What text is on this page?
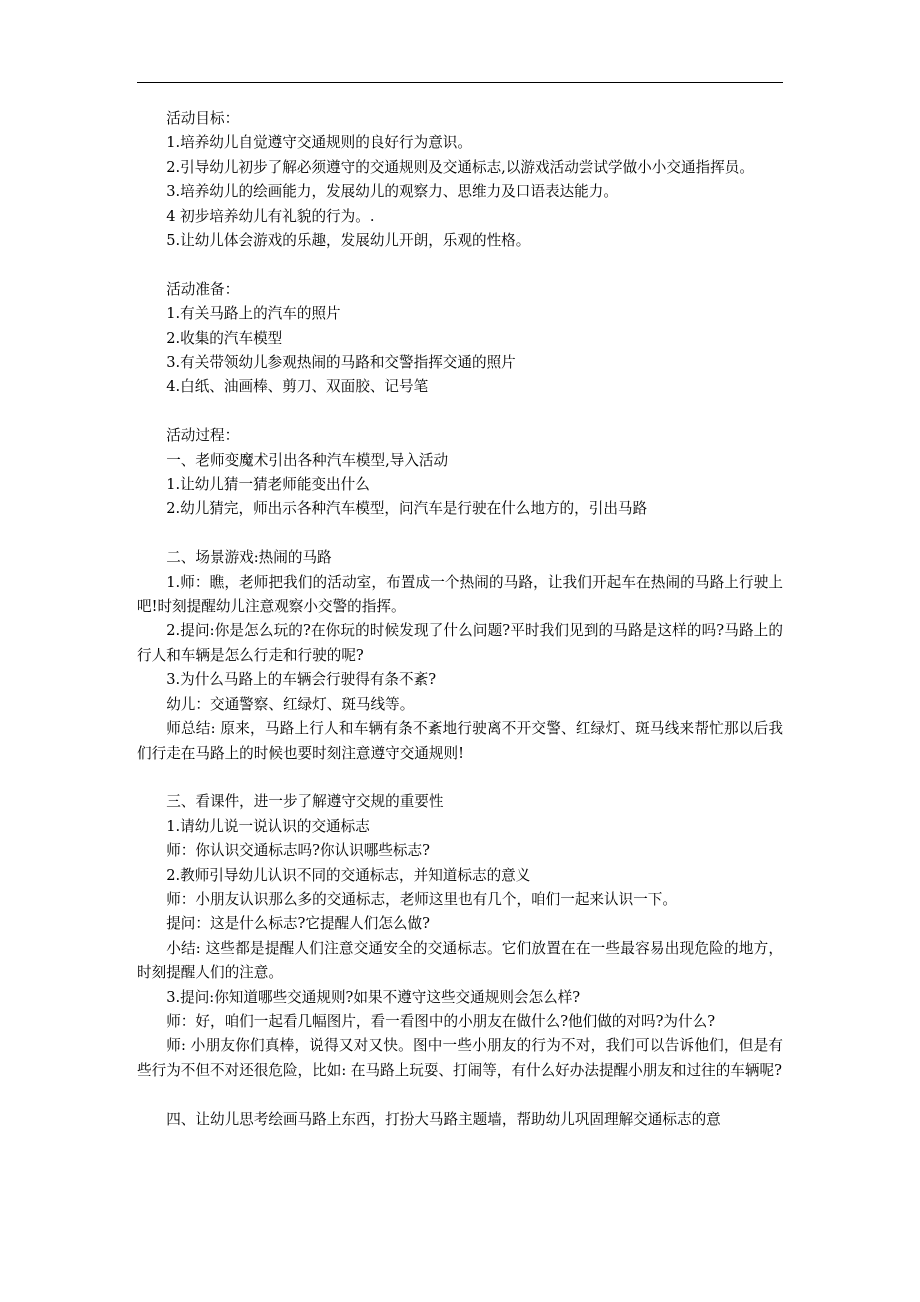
活动目标：

1.培养幼儿自觉遵守交通规则的良好行为意识。

2.引导幼儿初步了解必须遵守的交通规则及交通标志,以游戏活动尝试学做小小交通指挥员。

3.培养幼儿的绘画能力，发展幼儿的观察力、思维力及口语表达能力。

4 初步培养幼儿有礼貌的行为。.

5.让幼儿体会游戏的乐趣，发展幼儿开朗，乐观的性格。

活动准备：

1.有关马路上的汽车的照片

2.收集的汽车模型

3.有关带领幼儿参观热闹的马路和交警指挥交通的照片

4.白纸、油画棒、剪刀、双面胶、记号笔

活动过程：

一、老师变魔术引出各种汽车模型,导入活动

1.让幼儿猜一猜老师能变出什么

2.幼儿猜完，师出示各种汽车模型，问汽车是行驶在什么地方的，引出马路

二、场景游戏:热闹的马路

1.师：瞧，老师把我们的活动室，布置成一个热闹的马路，让我们开起车在热闹的马路上行驶上吧!时刻提醒幼儿注意观察小交警的指挥。

2.提问:你是怎么玩的?在你玩的时候发现了什么问题?平时我们见到的马路是这样的吗?马路上的行人和车辆是怎么行走和行驶的呢?

3.为什么马路上的车辆会行驶得有条不紊?

幼儿：交通警察、红绿灯、斑马线等。

师总结: 原来，马路上行人和车辆有条不紊地行驶离不开交警、红绿灯、斑马线来帮忙那以后我们行走在马路上的时候也要时刻注意遵守交通规则!

三、看课件，进一步了解遵守交规的重要性

1.请幼儿说一说认识的交通标志

师：你认识交通标志吗?你认识哪些标志?

2.教师引导幼儿认识不同的交通标志，并知道标志的意义

师：小朋友认识那么多的交通标志，老师这里也有几个，咱们一起来认识一下。

提问：这是什么标志?它提醒人们怎么做?

小结: 这些都是提醒人们注意交通安全的交通标志。它们放置在在一些最容易出现危险的地方，时刻提醒人们的注意。

3.提问:你知道哪些交通规则?如果不遵守这些交通规则会怎么样?

师：好，咱们一起看几幅图片，看一看图中的小朋友在做什么?他们做的对吗?为什么?

师: 小朋友你们真棒，说得又对又快。图中一些小朋友的行为不对，我们可以告诉他们，但是有些行为不但不对还很危险，比如: 在马路上玩耍、打闹等，有什么好办法提醒小朋友和过往的车辆呢?

四、让幼儿思考绘画马路上东西，打扮大马路主题墙，帮助幼儿巩固理解交通标志的意
